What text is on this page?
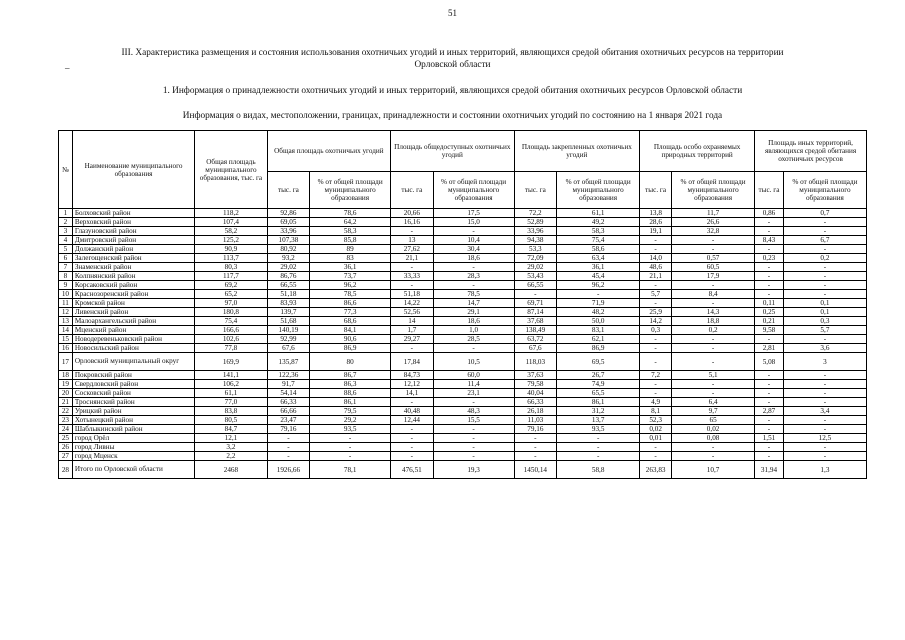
51
III. Характеристика размещения и состояния использования охотничьих угодий и иных территорий, являющихся средой обитания охотничьих ресурсов на территории
–	Орловской области
1. Информация о принадлежности охотничьих угодий и иных территорий, являющихся средой обитания охотничьих ресурсов Орловской области
Информация о видах, местоположении, границах, принадлежности и состоянии охотничьих угодий по состоянию на 1 января 2021 года
№	Наименование муниципального образования	Общая площадь муниципального образования, тыс. га	Общая площадь охотничьих угодий		Площадь общедоступных охотничьих угодий		Площадь закрепленных охотничьих угодий		Площадь особо охраняемых природных территорий		Площадь иных территорий, являющихся средой обитания охотничьих ресурсов	
			тыс. га	% от общей площади муниципального образования	тыс. га	% от общей площади муниципального образования	тыс. га	% от общей площади муниципального образования	тыс. га	% от общей площади муниципального образования	тыс. га	% от общей площади муниципального образования
1	Болховский район	118,2	92,86	78,6	20,66	17,5	72,2	61,1	13,8	11,7	0,86	0,7
2	Верховский район	107,4	69,05	64,2	16,16	15,0	52,89	49,2	28,6	26,6	-	-
3	Глазуновский район	58,2	33,96	58,3	-	-	33,96	58,3	19,1	32,8	-	-
4	Дмитровский район	125,2	107,38	85,8	13	10,4	94,38	75,4	-	-	8,43	6,7
5	Должанский район	90,9	80,92	89	27,62	30,4	53,3	58,6	-	-	-	-
6	Залегощенский район	113,7	93,2	83	21,1	18,6	72,09	63,4	14,0	0,57	0,23	0,2
7	Знаменский район	80,3	29,02	36,1	-	-	29,02	36,1	48,6	60,5	-	-
8	Колпнянский район	117,7	86,76	73,7	33,33	28,3	53,43	45,4	21,1	17,9	-	-
9	Корсаковский район	69,2	66,55	96,2	-	-	66,55	96,2	-	-	-	-
10	Краснозоренский район	65,2	51,18	78,5	51,18	78,5	-	-	5,7	8,4	-	-
11	Кромской район	97,0	83,93	86,6	14,22	14,7	69,71	71,9	-	-	0,11	0,1
12	Ливенский район	180,8	139,7	77,3	52,56	29,1	87,14	48,2	25,9	14,3	0,25	0,1
13	Малоархангельский район	75,4	51,68	68,6	14	18,6	37,68	50,0	14,2	18,8	0,21	0,3
14	Мценский район	166,6	140,19	84,1	1,7	1,0	138,49	83,1	0,3	0,2	9,58	5,7
15	Новодеревеньковский район	102,6	92,99	90,6	29,27	28,5	63,72	62,1	-	-	-	-
16	Новосильский район	77,8	67,6	86,9	-	-	67,6	86,9	-	-	2,81	3,6
17	Орловский муниципальный округ	169,9	135,87	80	17,84	10,5	118,03	69,5	-	-	5,08	3
18	Покровский район	141,1	122,36	86,7	84,73	60,0	37,63	26,7	7,2	5,1	-	-
19	Свердловский район	106,2	91,7	86,3	12,12	11,4	79,58	74,9	-	-	-	-
20	Сосковский район	61,1	54,14	88,6	14,1	23,1	40,04	65,5	-	-	-	-
21	Троснянский район	77,0	66,33	86,1	-	-	66,33	86,1	4,9	6,4	-	-
22	Урицкий район	83,8	66,66	79,5	40,48	48,3	26,18	31,2	8,1	9,7	2,87	3,4
23	Хотынецкий район	80,5	23,47	29,2	12,44	15,5	11,03	13,7	52,3	65	-	-
24	Шаблыкинский район	84,7	79,16	93,5	-	-	79,16	93,5	0,02	0,02	-	-
25	город Орёл	12,1	-	-	-	-	-	-	0,01	0,08	1,51	12,5
26	город Ливны	3,2	-	-	-	-	-	-	-	-	-	-
27	город Мценск	2,2	-	-	-	-	-	-	-	-	-	-
28	Итого по Орловской области	2468	1926,66	78,1	476,51	19,3	1450,14	58,8	263,83	10,7	31,94	1,3
